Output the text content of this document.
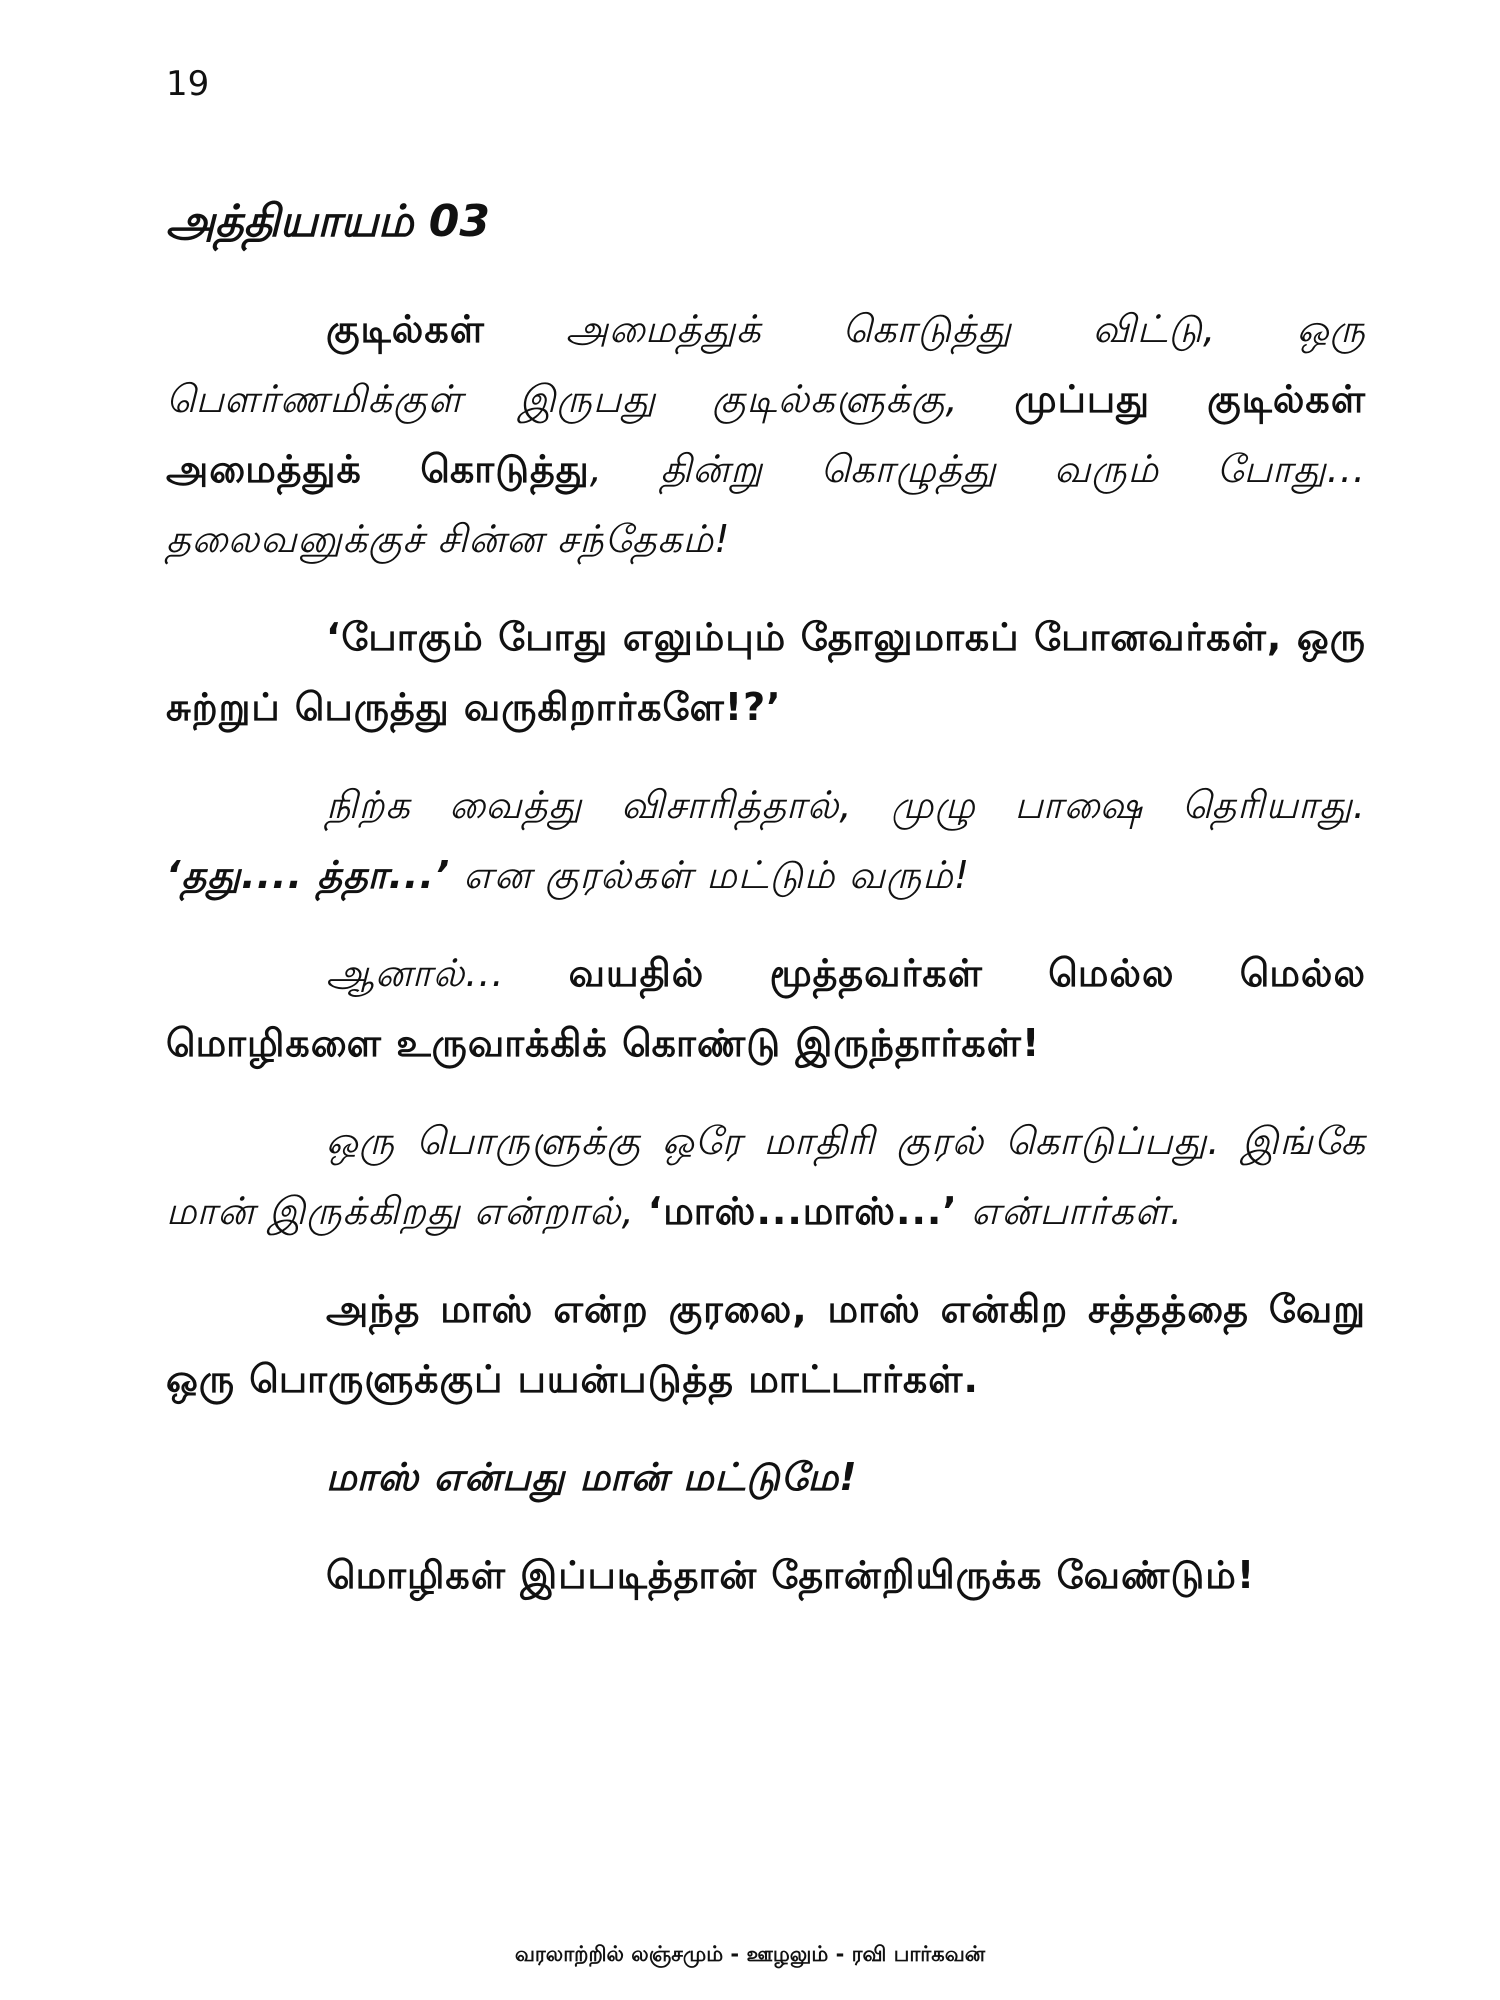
19
அத்தியாயம் 03

குடில்கள் அமைத்துக் கொடுத்து விட்டு, ஒரு பௌர்ணமிக்குள் இருபது குடில்களுக்கு, முப்பது குடில்கள் அமைத்துக் கொடுத்து, தின்று கொழுத்து வரும் போது... தலைவனுக்குச் சின்ன சந்தேகம்!

‘போகும் போது எலும்பும் தோலுமாகப் போனவர்கள், ஒரு சுற்றுப் பெருத்து வருகிறார்களே!?’

நிற்க வைத்து விசாரித்தால், முழு பாஷை தெரியாது. ‘தது.... த்தா...’ என குரல்கள் மட்டும் வரும்!

ஆனால்... வயதில் மூத்தவர்கள் மெல்ல மெல்ல மொழிகளை உருவாக்கிக் கொண்டு இருந்தார்கள்!

ஒரு பொருளுக்கு ஒரே மாதிரி குரல் கொடுப்பது. இங்கே மான் இருக்கிறது என்றால், ‘மாஸ்...மாஸ்...’ என்பார்கள்.

அந்த மாஸ் என்ற குரலை, மாஸ் என்கிற சத்தத்தை வேறு ஒரு பொருளுக்குப் பயன்படுத்த மாட்டார்கள்.

மாஸ் என்பது மான் மட்டுமே!

மொழிகள் இப்படித்தான் தோன்றியிருக்க வேண்டும்!

வரலாற்றில் லஞ்சமும் - ஊழலும் - ரவி பார்கவன்
